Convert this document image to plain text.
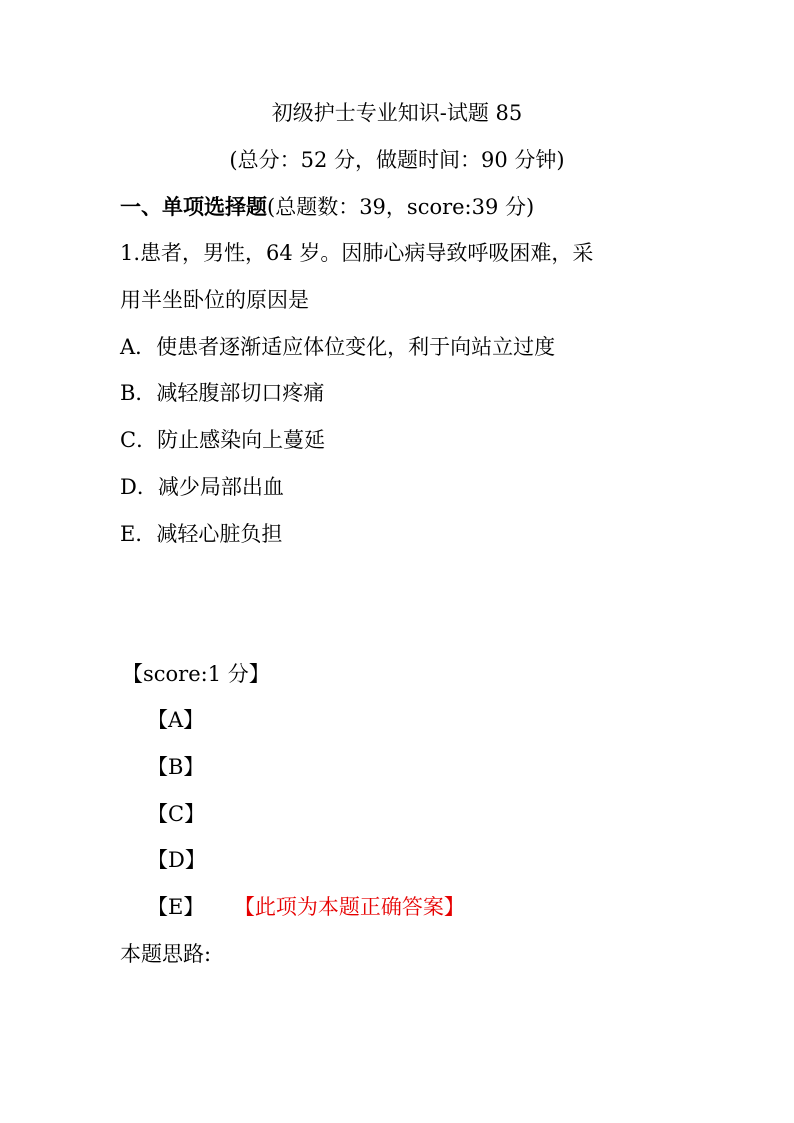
初级护士专业知识-试题 85
(总分：52 分，做题时间：90 分钟)
一、单项选择题(总题数：39，score:39 分)
1.患者，男性，64 岁。因肺心病导致呼吸困难，采
用半坐卧位的原因是
A．使患者逐渐适应体位变化，利于向站立过度
B．减轻腹部切口疼痛
C．防止感染向上蔓延
D．减少局部出血
E．减轻心脏负担
【score:1 分】
【A】
【B】
【C】
【D】
【E】 【此项为本题正确答案】
本题思路:
